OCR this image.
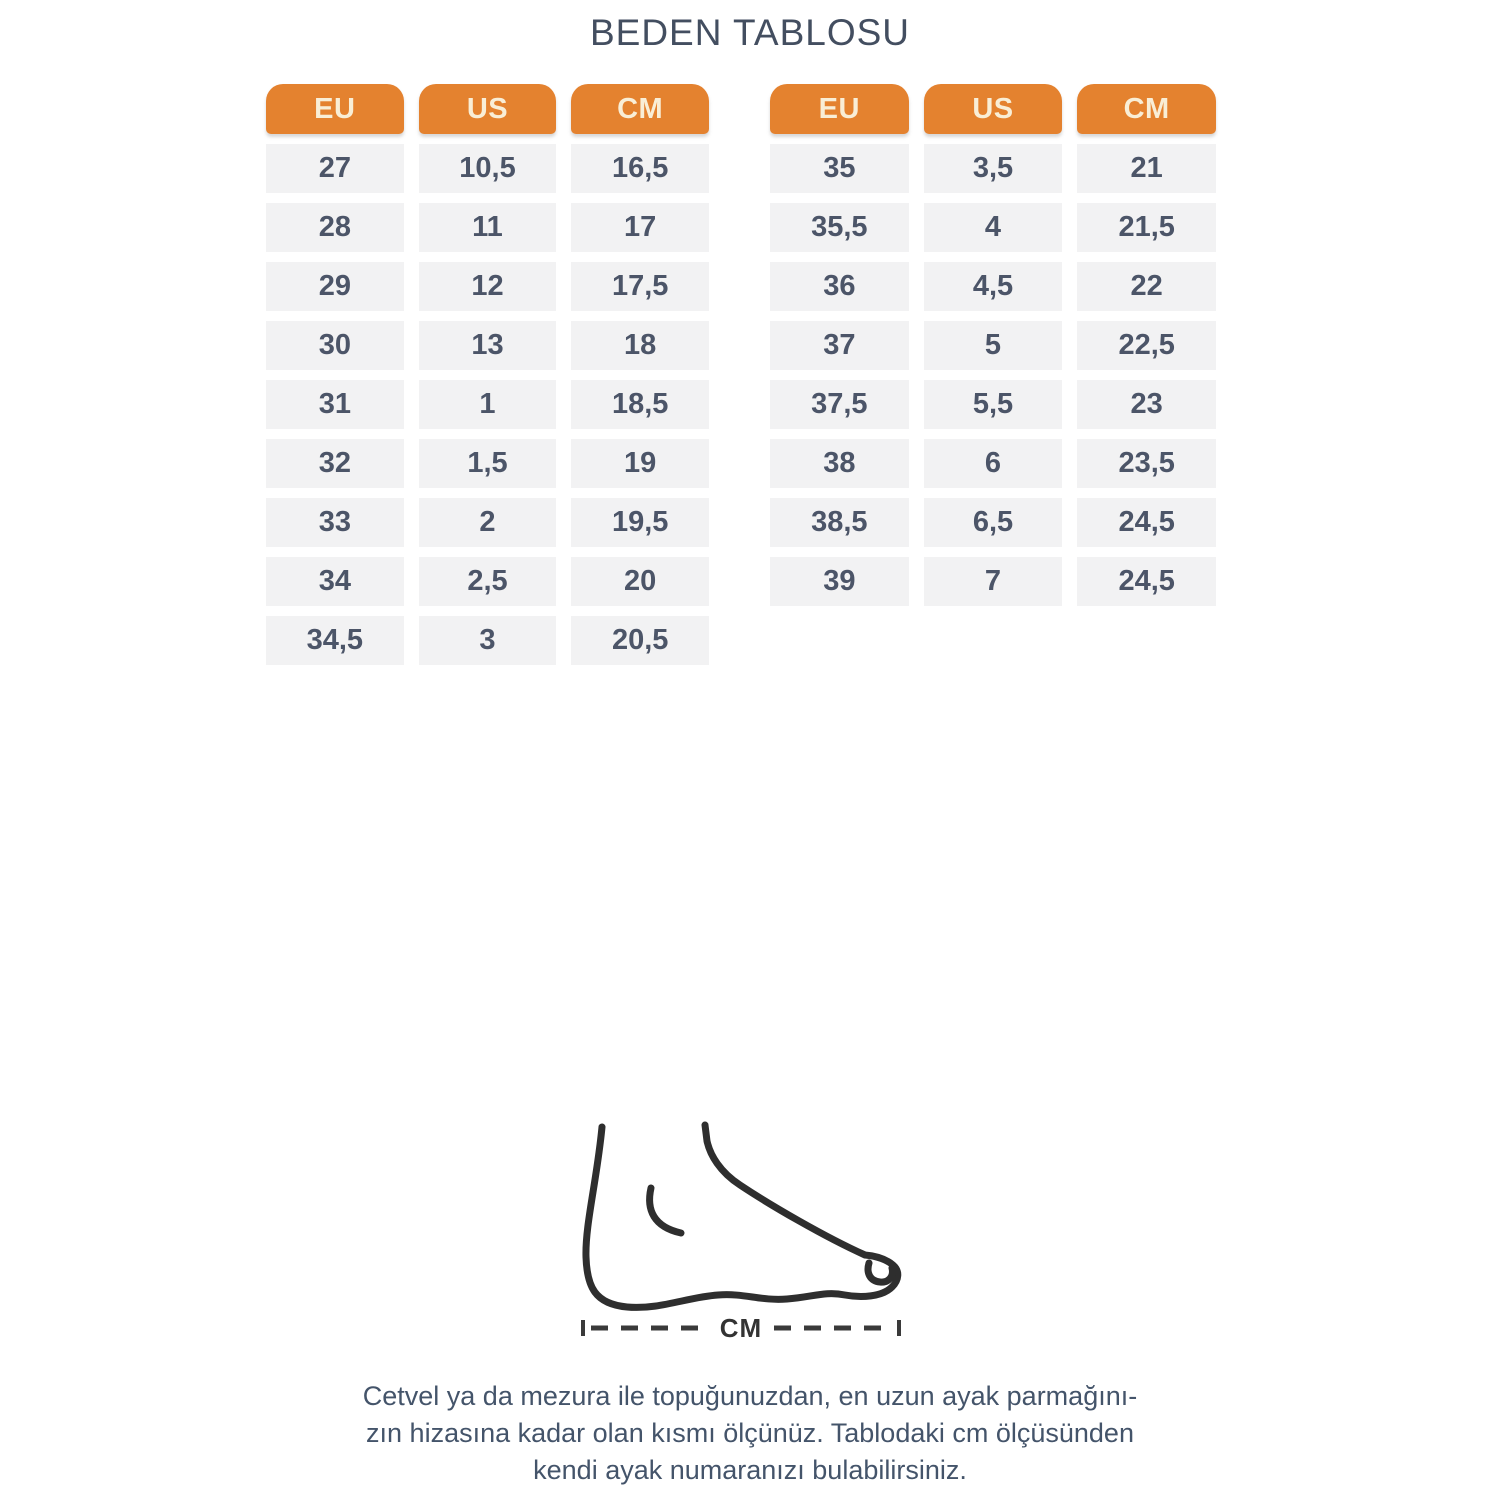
BEDEN TABLOSU
EU	US	CM
27	10,5	16,5
28	11	17
29	12	17,5
30	13	18
31	1	18,5
32	1,5	19
33	2	19,5
34	2,5	20
34,5	3	20,5
EU	US	CM
35	3,5	21
35,5	4	21,5
36	4,5	22
37	5	22,5
37,5	5,5	23
38	6	23,5
38,5	6,5	24,5
39	7	24,5
CM
Cetvel ya da mezura ile topuğunuzdan, en uzun ayak parmağını-
zın hizasına kadar olan kısmı ölçünüz. Tablodaki cm ölçüsünden
kendi ayak numaranızı bulabilirsiniz.
